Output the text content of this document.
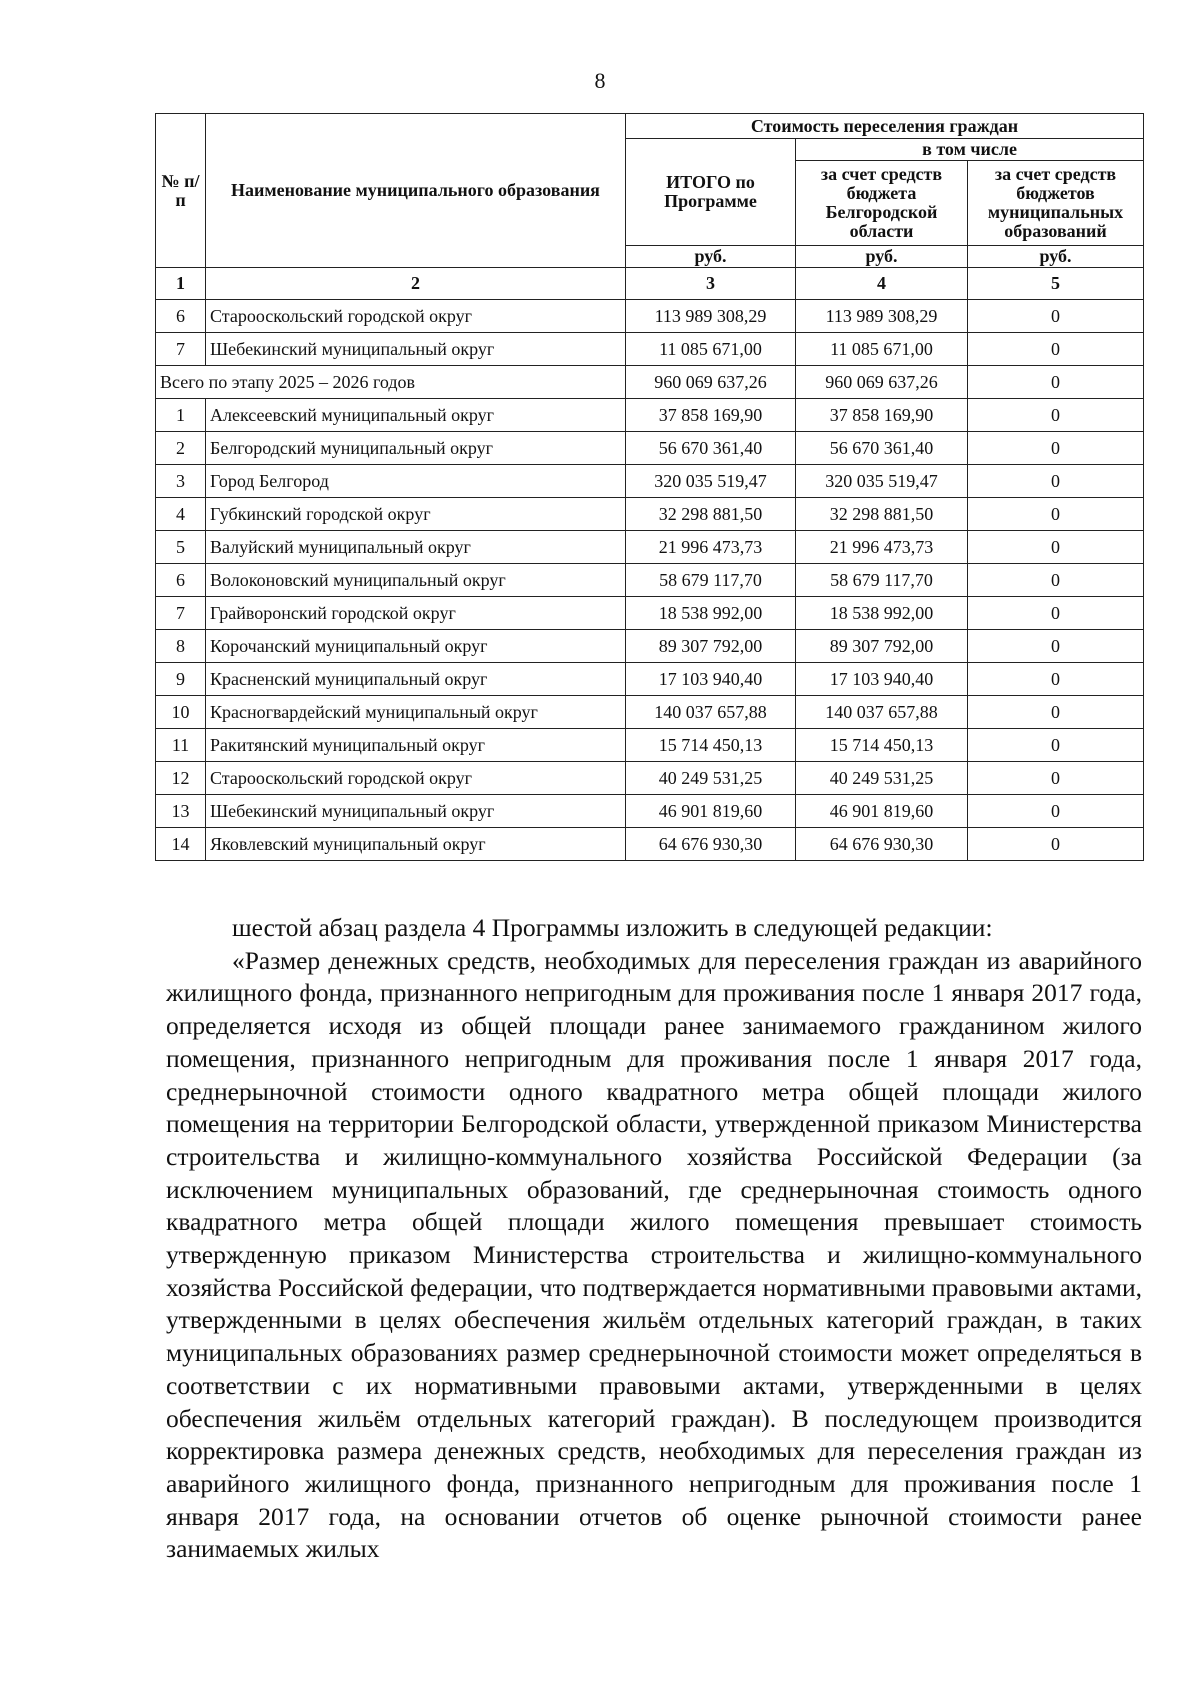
8
№ п/п	Наименование муниципального образования	Стоимость переселения граждан		
		ИТОГО по Программе	в том числе	
			за счет средств бюджета Белгородской области	за счет средств бюджетов муниципальных образований
		руб.	руб.	руб.
1	2	3	4	5
6	Старооскольский городской округ	113 989 308,29	113 989 308,29	0
7	Шебекинский муниципальный округ	11 085 671,00	11 085 671,00	0
Всего по этапу 2025 – 2026 годов		960 069 637,26	960 069 637,26	0
1	Алексеевский муниципальный округ	37 858 169,90	37 858 169,90	0
2	Белгородский муниципальный округ	56 670 361,40	56 670 361,40	0
3	Город Белгород	320 035 519,47	320 035 519,47	0
4	Губкинский городской округ	32 298 881,50	32 298 881,50	0
5	Валуйский муниципальный округ	21 996 473,73	21 996 473,73	0
6	Волоконовский муниципальный округ	58 679 117,70	58 679 117,70	0
7	Грайворонский городской округ	18 538 992,00	18 538 992,00	0
8	Корочанский муниципальный округ	89 307 792,00	89 307 792,00	0
9	Красненский муниципальный округ	17 103 940,40	17 103 940,40	0
10	Красногвардейский муниципальный округ	140 037 657,88	140 037 657,88	0
11	Ракитянский муниципальный округ	15 714 450,13	15 714 450,13	0
12	Старооскольский городской округ	40 249 531,25	40 249 531,25	0
13	Шебекинский муниципальный округ	46 901 819,60	46 901 819,60	0
14	Яковлевский муниципальный округ	64 676 930,30	64 676 930,30	0

шестой абзац раздела 4 Программы изложить в следующей редакции:

«Размер денежных средств, необходимых для переселения граждан из аварийного жилищного фонда, признанного непригодным для проживания после 1 января 2017 года, определяется исходя из общей площади ранее занимаемого гражданином жилого помещения, признанного непригодным для проживания после 1 января 2017 года, среднерыночной стоимости одного квадратного метра общей площади жилого помещения на территории Белгородской области, утвержденной приказом Министерства строительства и жилищно-коммунального хозяйства Российской Федерации (за исключением муниципальных образований, где среднерыночная стоимость одного квадратного метра общей площади жилого помещения превышает стоимость утвержденную приказом Министерства строительства и жилищно-коммунального хозяйства Российской федерации, что подтверждается нормативными правовыми актами, утвержденными в целях обеспечения жильём отдельных категорий граждан, в таких муниципальных образованиях размер среднерыночной стоимости может определяться в соответствии с их нормативными правовыми актами, утвержденными в целях обеспечения жильём отдельных категорий граждан). В последующем производится корректировка размера денежных средств, необходимых для переселения граждан из аварийного жилищного фонда, признанного непригодным для проживания после 1 января 2017 года, на основании отчетов об оценке рыночной стоимости ранее занимаемых жилых
